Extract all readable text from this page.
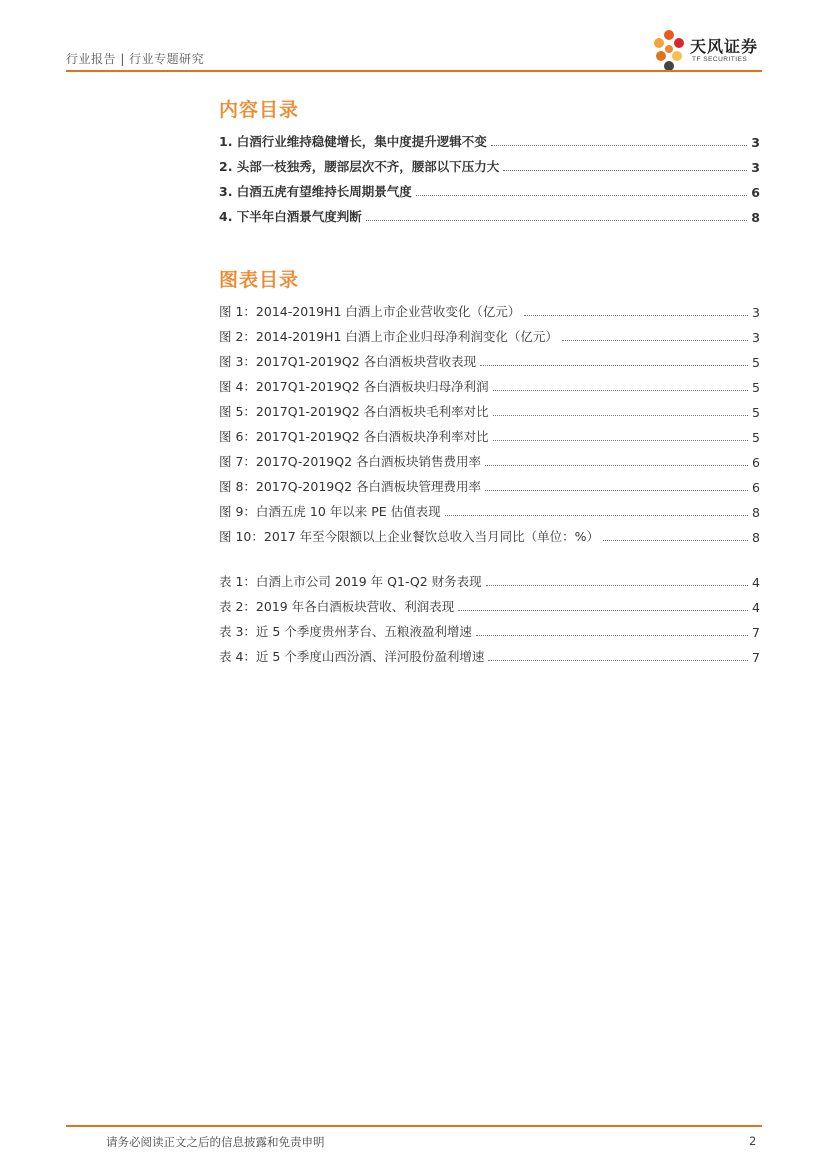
行业报告 | 行业专题研究
天风证券
TF SECURITIES
内容目录
1. 白酒行业维持稳健增长，集中度提升逻辑不变	3
2. 头部一枝独秀，腰部层次不齐，腰部以下压力大	3
3. 白酒五虎有望维持长周期景气度	6
4. 下半年白酒景气度判断	8
图表目录
图 1：2014-2019H1 白酒上市企业营收变化（亿元）	3
图 2：2014-2019H1 白酒上市企业归母净利润变化（亿元）	3
图 3：2017Q1-2019Q2 各白酒板块营收表现	5
图 4：2017Q1-2019Q2 各白酒板块归母净利润	5
图 5：2017Q1-2019Q2 各白酒板块毛利率对比	5
图 6：2017Q1-2019Q2 各白酒板块净利率对比	5
图 7：2017Q-2019Q2 各白酒板块销售费用率	6
图 8：2017Q-2019Q2 各白酒板块管理费用率	6
图 9：白酒五虎 10 年以来 PE 估值表现	8
图 10：2017 年至今限额以上企业餐饮总收入当月同比（单位：%）	8
表 1：白酒上市公司 2019 年 Q1-Q2 财务表现	4
表 2：2019 年各白酒板块营收、利润表现	4
表 3：近 5 个季度贵州茅台、五粮液盈利增速	7
表 4：近 5 个季度山西汾酒、洋河股份盈利增速	7
请务必阅读正文之后的信息披露和免责申明	2
